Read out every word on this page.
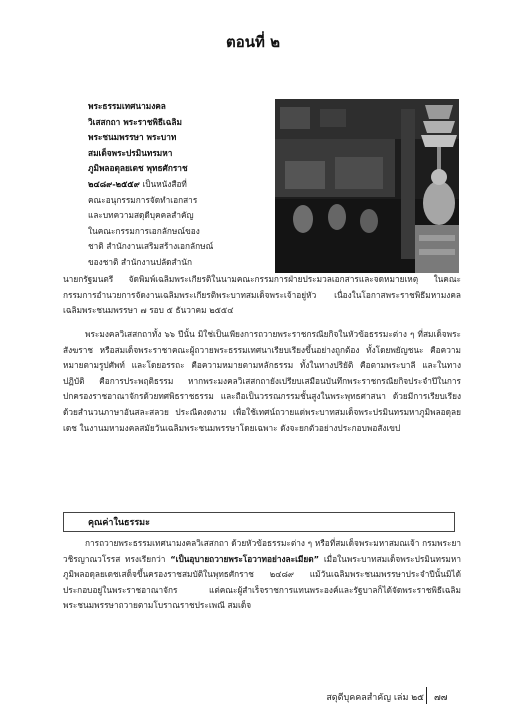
ตอนที่ ๒
พระธรรมเทศนามงคล
วิเสสกถา พระราชพิธีเฉลิม
พระชนมพรรษา พระบาท
สมเด็จพระปรมินทรมหา
ภูมิพลอดุลยเดช พุทธศักราช
๒๔๘๙-๒๕๕๙ เป็นหนังสือที่
คณะอนุกรรมการจัดทำเอกสาร
และบทความสดุดีบุคคลสำคัญ
ในคณะกรรมการเอกลักษณ์ของ
ชาติ สำนักงานเสริมสร้างเอกลักษณ์
ของชาติ สำนักงานปลัดสำนัก
นายกรัฐมนตรี จัดพิมพ์เฉลิมพระเกียรติในนามคณะกรรมการฝ่ายประมวลเอกสารและจดหมายเหตุ ในคณะกรรมการอำนวยการจัดงานเฉลิมพระเกียรติพระบาทสมเด็จพระเจ้าอยู่หัว เนื่องในโอกาสพระราชพิธีมหามงคลเฉลิมพระชนมพรรษา ๗ รอบ ๕ ธันวาคม ๒๕๕๔
พระมงคลวิเสสกถาทั้ง ๖๖ ปีนั้น มิใช่เป็นเพียงการถวายพระราชกรณียกิจในหัวข้อธรรมะต่าง ๆ ที่สมเด็จพระสังฆราช หรือสมเด็จพระราชาคณะผู้ถวายพระธรรมเทศนาเรียบเรียงขึ้นอย่างถูกต้อง ทั้งโดยพยัญชนะ คือความหมายตามรูปศัพท์ และโดยอรรถะ คือความหมายตามหลักธรรม ทั้งในทางปริยัติ คือตามพระบาลี และในทางปฏิบัติ คือการประพฤติธรรม หากพระมงคลวิเสสกถายังเปรียบเสมือนบันทึกพระราชกรณียกิจประจำปีในการปกครองราชอาณาจักรด้วยทศพิธราชธรรม และถือเป็นวรรณกรรมชั้นสูงในพระพุทธศาสนา ด้วยมีการเรียบเรียงด้วยสำนวนภาษาอันสละสลวย ประณีตงดงาม เพื่อใช้เทศน์ถวายแด่พระบาทสมเด็จพระปรมินทรมหาภูมิพลอดุลยเดช ในงานมหามงคลสมัยวันเฉลิมพระชนมพรรษาโดยเฉพาะ ดังจะยกตัวอย่างประกอบพอสังเขป
คุณค่าในธรรมะ
การถวายพระธรรมเทศนามงคลวิเสสกถา ด้วยหัวข้อธรรมะต่าง ๆ หรือที่สมเด็จพระมหาสมณเจ้า กรมพระยาวชิรญาณวโรรส ทรงเรียกว่า “เป็นอุบายถวายพระโอวาทอย่างละเมียด” เมื่อในพระบาทสมเด็จพระปรมินทรมหาภูมิพลอดุลยเดชเสด็จขึ้นครองราชสมบัติในพุทธศักราช ๒๔๘๙ แม้วันเฉลิมพระชนมพรรษาประจำปีนั้นมิได้ประกอบอยู่ในพระราชอาณาจักร แต่คณะผู้สำเร็จราชการแทนพระองค์และรัฐบาลก็ได้จัดพระราชพิธีเฉลิมพระชนมพรรษาถวายตามโบราณราชประเพณี สมเด็จ
สดุดีบุคคลสำคัญ เล่ม ๒๕ ๗๗
